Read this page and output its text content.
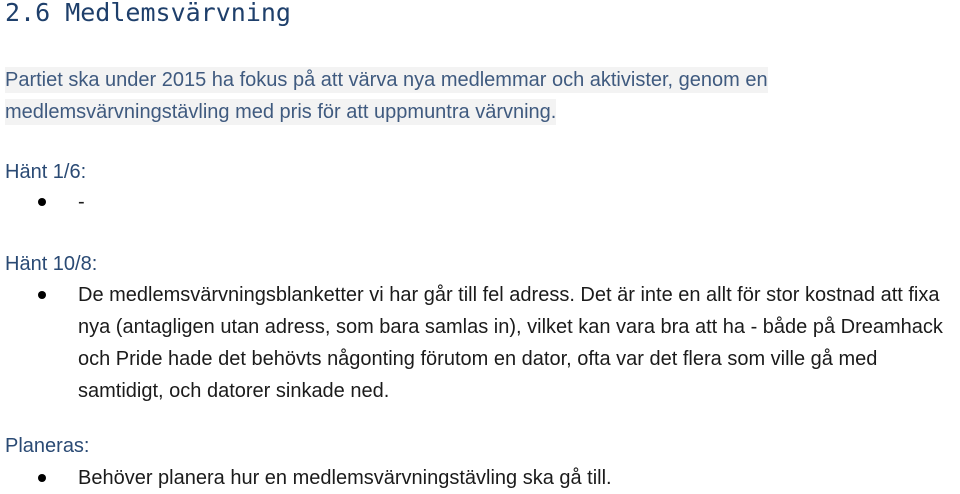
2.6 Medlemsvärvning
Partiet ska under 2015 ha fokus på att värva nya medlemmar och aktivister, genom en medlemsvärvningstävling med pris för att uppmuntra värvning.
Hänt 1/6:
-
Hänt 10/8:
De medlemsvärvningsblanketter vi har går till fel adress. Det är inte en allt för stor kostnad att fixa nya (antagligen utan adress, som bara samlas in), vilket kan vara bra att ha - både på Dreamhack och Pride hade det behövts någonting förutom en dator, ofta var det flera som ville gå med samtidigt, och datorer sinkade ned.
Planeras:
Behöver planera hur en medlemsvärvningstävling ska gå till.
